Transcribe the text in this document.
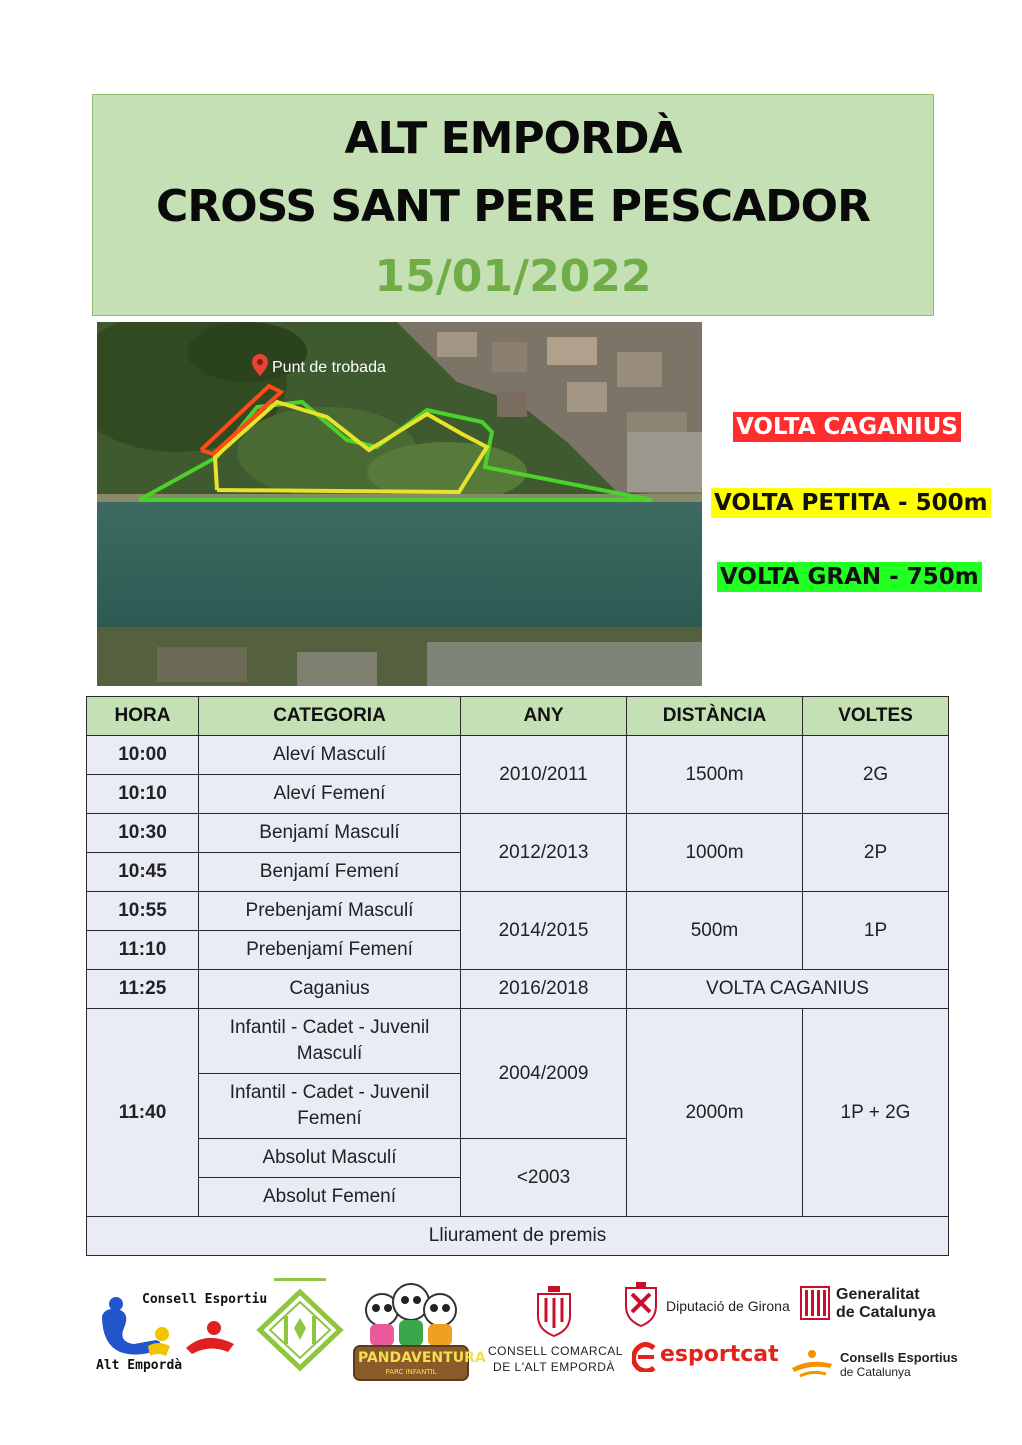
ALT EMPORDÀ
CROSS SANT PERE PESCADOR
15/01/2022
Punt de trobada
VOLTA CAGANIUS
VOLTA PETITA - 500m
VOLTA GRAN - 750m
HORA	CATEGORIA	ANY	DISTÀNCIA	VOLTES
10:00	Aleví Masculí	2010/2011	1500m	2G
10:10	Aleví Femení			
10:30	Benjamí Masculí	2012/2013	1000m	2P
10:45	Benjamí Femení			
10:55	Prebenjamí Masculí	2014/2015	500m	1P
11:10	Prebenjamí Femení			
11:25	Caganius	2016/2018	VOLTA CAGANIUS	
11:40	Infantil - Cadet - Juvenil Masculí	2004/2009	2000m	1P + 2G
	Infantil - Cadet - Juvenil Femení			
	Absolut Masculí	<2003		
	Absolut Femení			
Lliurament de premis				
Consell Esportiu
Alt Empordà	PANDAVENTURA
PARC INFANTIL
CONSELL COMARCAL
DE L'ALT EMPORDÀ
Diputació de Girona
esportcat
Generalitat
de Catalunya
Consells Esportius
de Catalunya
